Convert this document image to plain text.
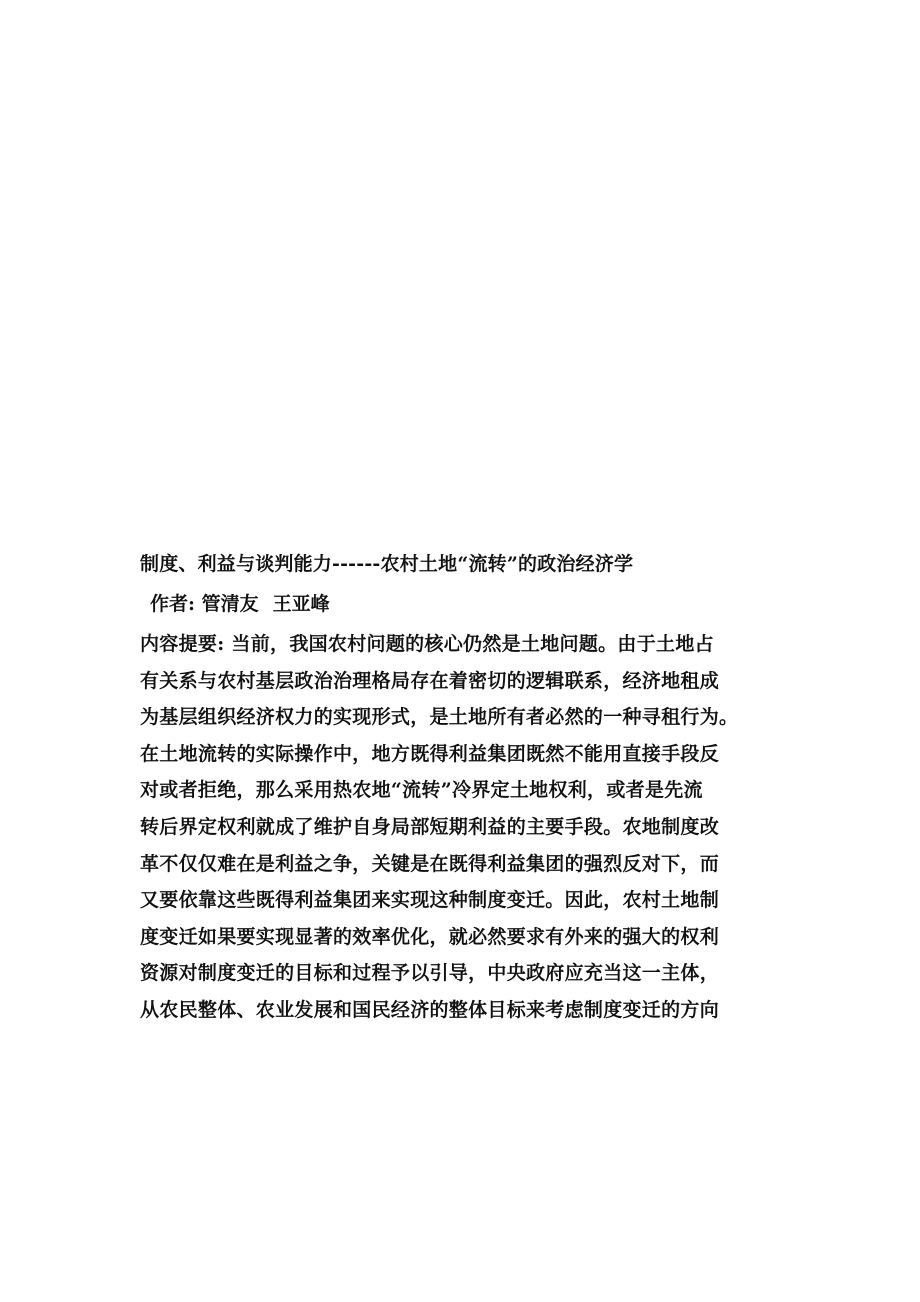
制度、利益与谈判能力------农村土地“流转”的政治经济学
作者: 管清友 王亚峰
内容提要: 当前，我国农村问题的核心仍然是土地问题。由于土地占
有关系与农村基层政治治理格局存在着密切的逻辑联系，经济地租成
为基层组织经济权力的实现形式，是土地所有者必然的一种寻租行为。
在土地流转的实际操作中，地方既得利益集团既然不能用直接手段反
对或者拒绝，那么采用热农地“流转”冷界定土地权利，或者是先流
转后界定权利就成了维护自身局部短期利益的主要手段。农地制度改
革不仅仅难在是利益之争，关键是在既得利益集团的强烈反对下，而
又要依靠这些既得利益集团来实现这种制度变迁。因此，农村土地制
度变迁如果要实现显著的效率优化，就必然要求有外来的强大的权利
资源对制度变迁的目标和过程予以引导，中央政府应充当这一主体，
从农民整体、农业发展和国民经济的整体目标来考虑制度变迁的方向
